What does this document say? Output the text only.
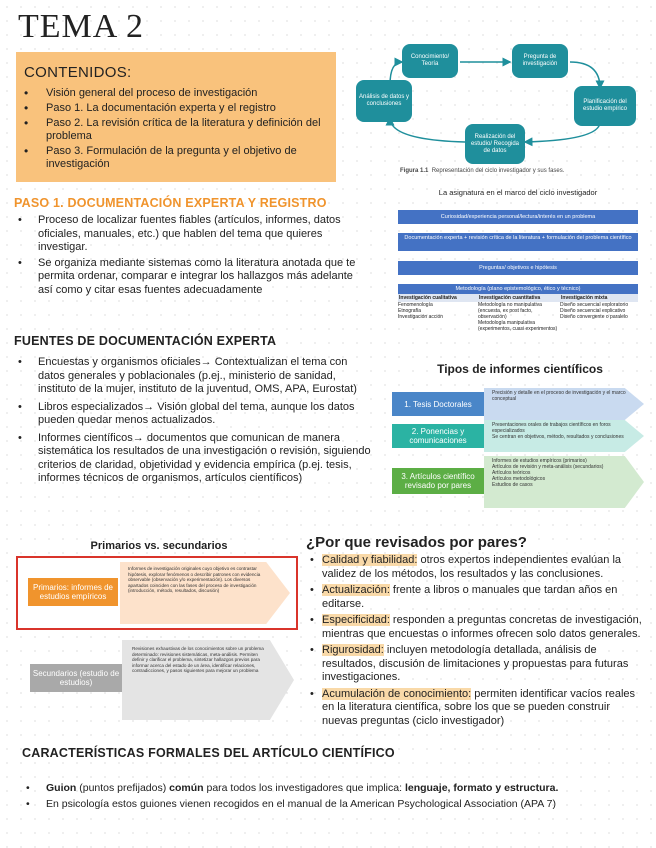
TEMA 2
CONTENIDOS:
• Visión general del proceso de investigación
• Paso 1. La documentación experta y el registro
• Paso 2. La revisión crítica de la literatura y definición del problema
• Paso 3. Formulación de la pregunta y el objetivo de investigación
Conocimiento/ Teoría
Pregunta de investigación
Planificación del estudio empírico
Realización del estudio/ Recogida de datos
Análisis de datos y conclusiones
Figura 1.1 Representación del ciclo investigador y sus fases.
PASO 1. DOCUMENTACIÓN EXPERTA Y REGISTRO
• Proceso de localizar fuentes fiables (artículos, informes, datos oficiales, manuales, etc.) que hablen del tema que quieres investigar.
• Se organiza mediante sistemas como la literatura anotada que te permita ordenar, comparar e integrar los hallazgos más adelante así como y citar esas fuentes adecuadamente
La asignatura en el marco del ciclo investigador
Curiosidad/experiencia personal/lectura/interés en un problema
Documentación experta + revisión crítica de la literatura + formulación del problema científico
Preguntas/ objetivos e hipótesis
Metodología (plano epistemológico, ético y técnico)
Investigación cualitativa
Fenomenología
Etnografía
Investigación acción
Investigación cuantitativa
Metodología no manipulativa (encuesta, ex post facto, observación)
Metodología manipulativa (experimentos, cuasi experimentos)
Investigación mixta
Diseño secuencial exploratorio
Diseño secuencial explicativo
Diseño convergente o paralelo
FUENTES DE DOCUMENTACIÓN EXPERTA
• Encuestas y organismos oficiales→ Contextualizan el tema con datos generales y poblacionales (p.ej., ministerio de sanidad, instituto de la mujer, instituto de la juventud, OMS, APA, Eurostat)
• Libros especializados→ Visión global del tema, aunque los datos pueden quedar menos actualizados.
• Informes científicos→ documentos que comunican de manera sistemática los resultados de una investigación o revisión, siguiendo criterios de claridad, objetividad y evidencia empírica (p.ej. tesis, informes técnicos de organismos, artículos científicos)
Tipos de informes científicos
1. Tesis Doctorales
Precisión y detalle en el proceso de investigación y el marco conceptual
2. Ponencias y comunicaciones
Presentaciones orales de trabajos científicos en foros especializados
Se centran en objetivos, método, resultados y conclusiones
3. Artículos científico revisado por pares
Informes de estudios empíricos (primarios)
Artículos de revisión y meta-análisis (secundarios)
Artículos teóricos
Artículos metodológicos
Estudios de casos
Primarios vs. secundarios
Primarios: informes de estudios empíricos
Informes de investigación originales cuyo objetivo es contrastar hipótesis, explorar fenómenos o describir patrones con evidencia observable (observación y/o experimentación). Los diversos apartados coinciden con las fases del proceso de investigación (introducción, método, resultados, discusión)
Secundarios (estudio de estudios)
Revisiones exhaustivas de los conocimientos sobre un problema determinado: revisiones sistemáticas, meta-análisis. Permiten definir y clarificar el problema, sintetizar hallazgos previos para informar acerca del estado de un área, identificar relaciones, contradicciones, y pasos siguientes para mejorar un problema
¿Por que revisados por pares?
• Calidad y fiabilidad: otros expertos independientes evalúan la validez de los métodos, los resultados y las conclusiones.
• Actualización: frente a libros o manuales que tardan años en editarse.
• Especificidad: responden a preguntas concretas de investigación, mientras que encuestas o informes ofrecen solo datos generales.
• Rigurosidad: incluyen metodología detallada, análisis de resultados, discusión de limitaciones y propuestas para futuras investigaciones.
• Acumulación de conocimiento: permiten identificar vacíos reales en la literatura científica, sobre los que se pueden construir nuevas preguntas (ciclo investigador)
CARACTERÍSTICAS FORMALES DEL ARTÍCULO CIENTÍFICO
• Guion (puntos prefijados) común para todos los investigadores que implica: lenguaje, formato y estructura.
• En psicología estos guiones vienen recogidos en el manual de la American Psychological Association (APA 7)
